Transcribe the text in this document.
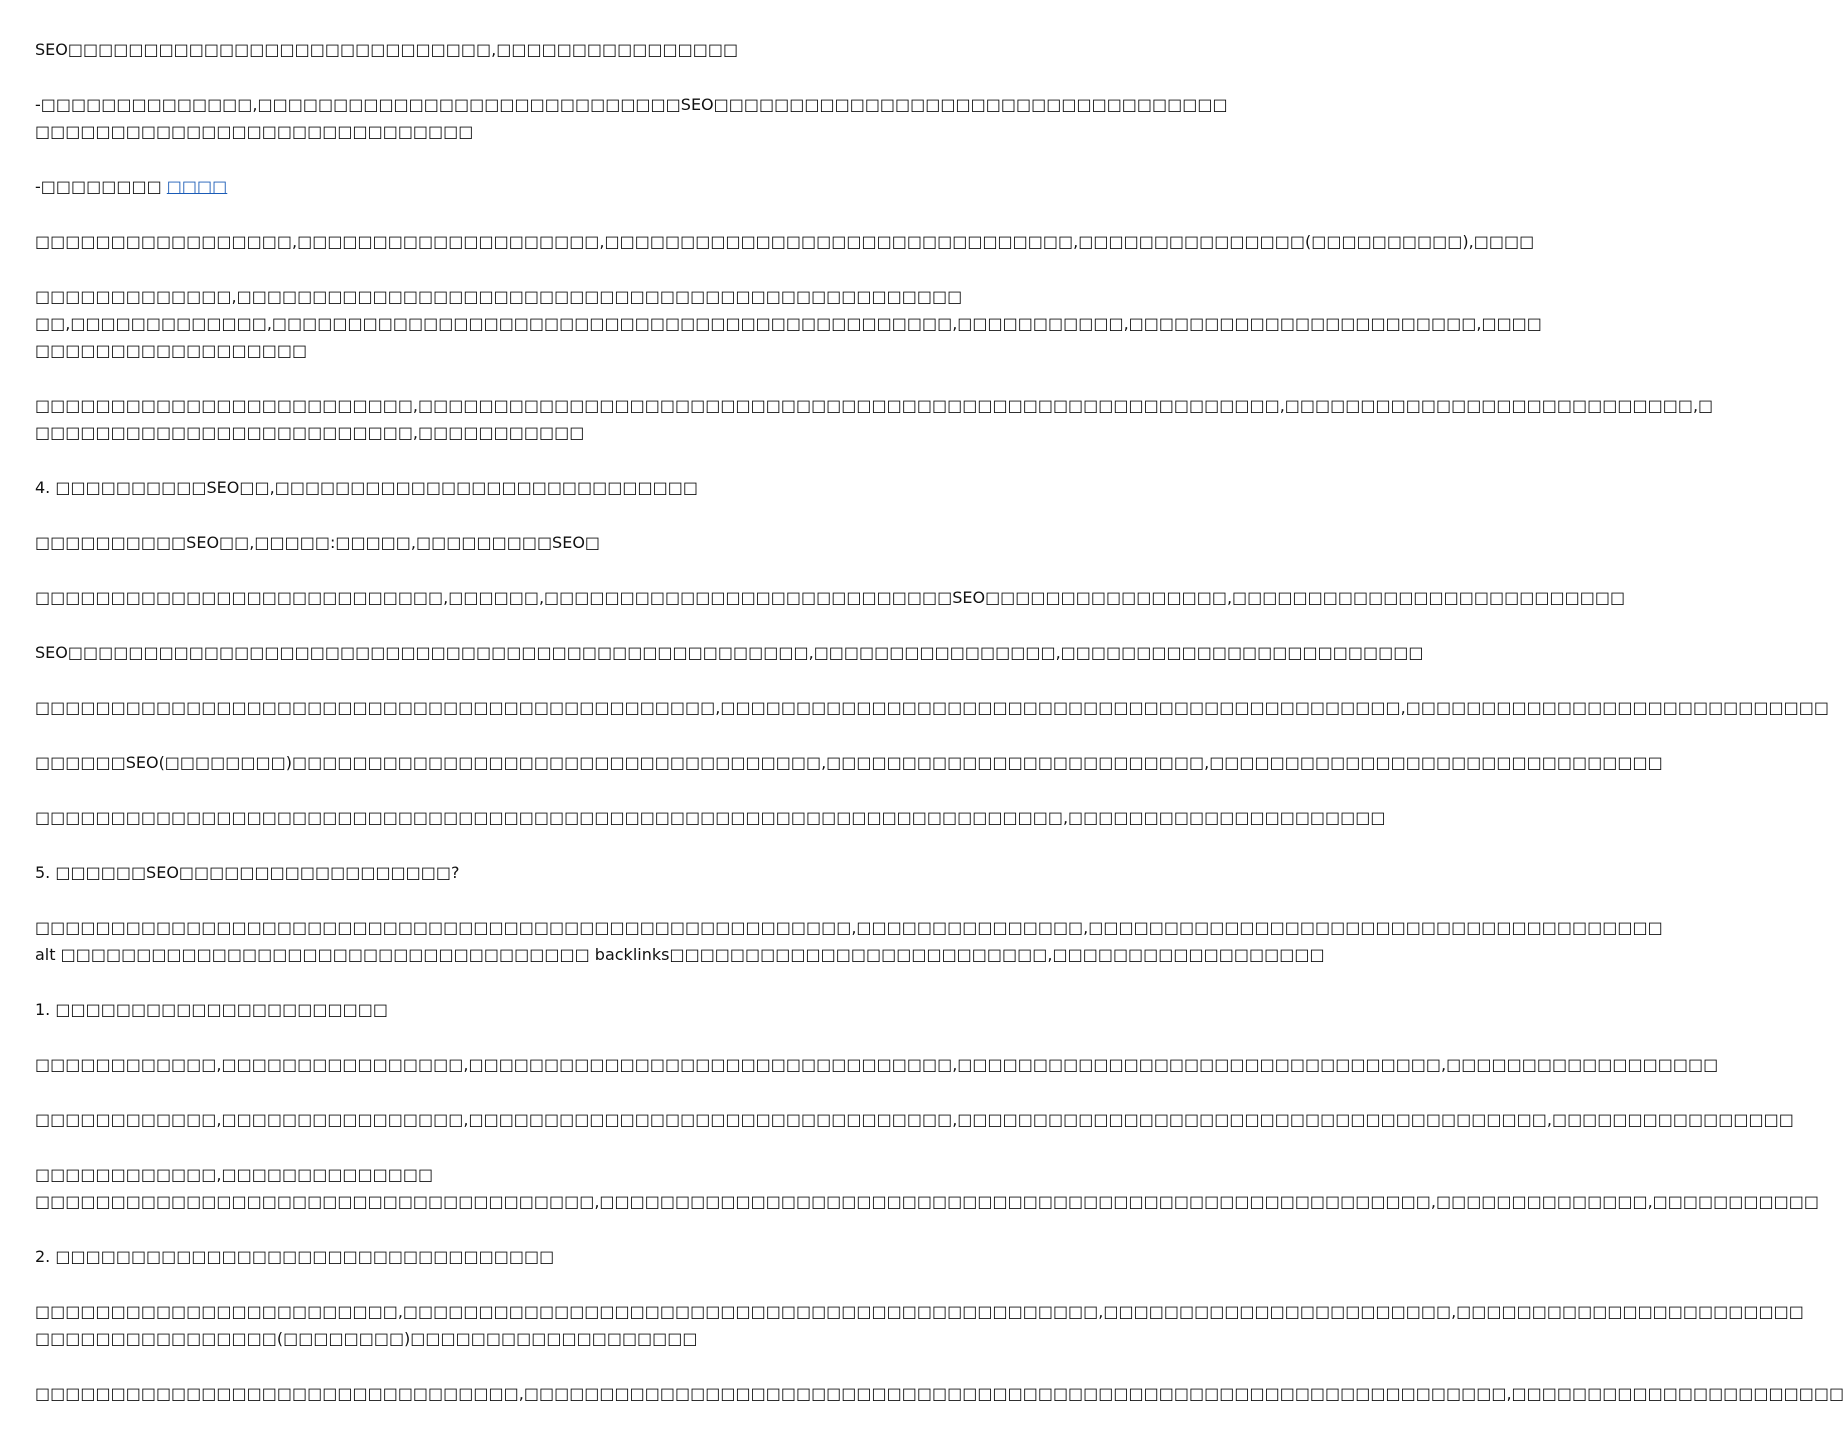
SEO□□□□□□□□□□□□□□□□□□□□□□□□□□□□,□□□□□□□□□□□□□□□□
-□□□□□□□□□□□□□□,□□□□□□□□□□□□□□□□□□□□□□□□□□□□SEO□□□□□□□□□□□□□□□□□□□□□□□□□□□□□□□□□□
□□□□□□□□□□□□□□□□□□□□□□□□□□□□□
-□□□□□□□□ □□□□
□□□□□□□□□□□□□□□□□,□□□□□□□□□□□□□□□□□□□□,□□□□□□□□□□□□□□□□□□□□□□□□□□□□□□□,□□□□□□□□□□□□□□□(□□□□□□□□□□),□□□□
□□□□□□□□□□□□□,□□□□□□□□□□□□□□□□□□□□□□□□□□□□□□□□□□□□□□□□□□□□□□□□
□□,□□□□□□□□□□□□□,□□□□□□□□□□□□□□□□□□□□□□□□□□□□□□□□□□□□□□□□□□□□□,□□□□□□□□□□□,□□□□□□□□□□□□□□□□□□□□□□□,□□□□
□□□□□□□□□□□□□□□□□□
□□□□□□□□□□□□□□□□□□□□□□□□□,□□□□□□□□□□□□□□□□□□□□□□□□□□□□□□□□□□□□□□□□□□□□□□□□□□□□□□□□□,□□□□□□□□□□□□□□□□□□□□□□□□□□□,□
□□□□□□□□□□□□□□□□□□□□□□□□□,□□□□□□□□□□□
4. □□□□□□□□□□SEO□□,□□□□□□□□□□□□□□□□□□□□□□□□□□□□
□□□□□□□□□□SEO□□,□□□□□:□□□□□,□□□□□□□□□SEO□
□□□□□□□□□□□□□□□□□□□□□□□□□□□,□□□□□□,□□□□□□□□□□□□□□□□□□□□□□□□□□□SEO□□□□□□□□□□□□□□□□,□□□□□□□□□□□□□□□□□□□□□□□□□□
SEO□□□□□□□□□□□□□□□□□□□□□□□□□□□□□□□□□□□□□□□□□□□□□□□□□,□□□□□□□□□□□□□□□□,□□□□□□□□□□□□□□□□□□□□□□□□
□□□□□□□□□□□□□□□□□□□□□□□□□□□□□□□□□□□□□□□□□□□□□,□□□□□□□□□□□□□□□□□□□□□□□□□□□□□□□□□□□□□□□□□□□□□,□□□□□□□□□□□□□□□□□□□□□□□□□□□□
□□□□□□SEO(□□□□□□□□)□□□□□□□□□□□□□□□□□□□□□□□□□□□□□□□□□□□,□□□□□□□□□□□□□□□□□□□□□□□□□,□□□□□□□□□□□□□□□□□□□□□□□□□□□□□□
□□□□□□□□□□□□□□□□□□□□□□□□□□□□□□□□□□□□□□□□□□□□□□□□□□□□□□□□□□□□□□□□□□□□,□□□□□□□□□□□□□□□□□□□□□
5. □□□□□□SEO□□□□□□□□□□□□□□□□□□?
□□□□□□□□□□□□□□□□□□□□□□□□□□□□□□□□□□□□□□□□□□□□□□□□□□□□□□,□□□□□□□□□□□□□□□,□□□□□□□□□□□□□□□□□□□□□□□□□□□□□□□□□□□□□□
alt □□□□□□□□□□□□□□□□□□□□□□□□□□□□□□□□□□□ backlinks□□□□□□□□□□□□□□□□□□□□□□□□□,□□□□□□□□□□□□□□□□□□
1. □□□□□□□□□□□□□□□□□□□□□□
□□□□□□□□□□□□,□□□□□□□□□□□□□□□□,□□□□□□□□□□□□□□□□□□□□□□□□□□□□□□□□,□□□□□□□□□□□□□□□□□□□□□□□□□□□□□□□□,□□□□□□□□□□□□□□□□□□
□□□□□□□□□□□□,□□□□□□□□□□□□□□□□,□□□□□□□□□□□□□□□□□□□□□□□□□□□□□□□□,□□□□□□□□□□□□□□□□□□□□□□□□□□□□□□□□□□□□□□□,□□□□□□□□□□□□□□□□
□□□□□□□□□□□□,□□□□□□□□□□□□□□
□□□□□□□□□□□□□□□□□□□□□□□□□□□□□□□□□□□□□,□□□□□□□□□□□□□□□□□□□□□□□□□□□□□□□□□□□□□□□□□□□□□□□□□□□□□□□,□□□□□□□□□□□□□□,□□□□□□□□□□□
2. □□□□□□□□□□□□□□□□□□□□□□□□□□□□□□□□□
□□□□□□□□□□□□□□□□□□□□□□□□,□□□□□□□□□□□□□□□□□□□□□□□□□□□□□□□□□□□□□□□□□□□□□□,□□□□□□□□□□□□□□□□□□□□□□□,□□□□□□□□□□□□□□□□□□□□□□□
□□□□□□□□□□□□□□□□(□□□□□□□□)□□□□□□□□□□□□□□□□□□□
□□□□□□□□□□□□□□□□□□□□□□□□□□□□□□□□,□□□□□□□□□□□□□□□□□□□□□□□□□□□□□□□□□□□□□□□□□□□□□□□□□□□□□□□□□□□□□□□□□,□□□□□□□□□□□□□□□□□□□□□□
